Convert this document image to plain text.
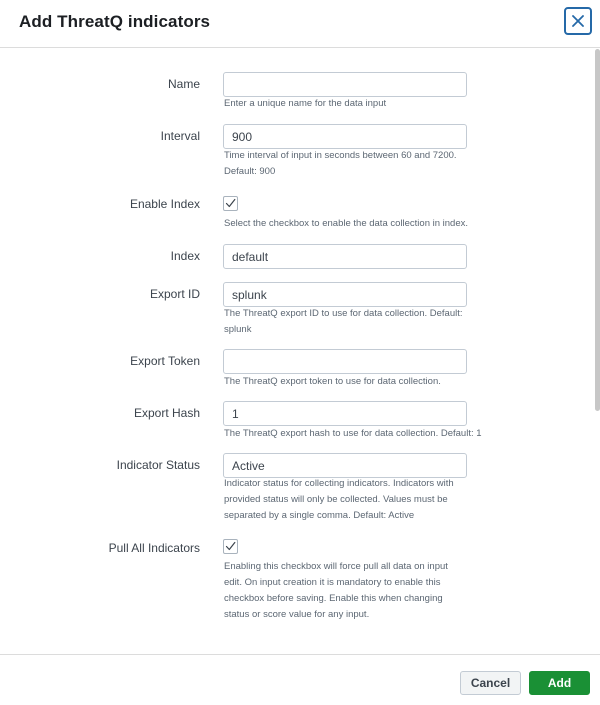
Add ThreatQ indicators
Name
Enter a unique name for the data input
Interval
900
Time interval of input in seconds between 60 and 7200. Default: 900
Enable Index
Select the checkbox to enable the data collection in index.
Index
default
Export ID
splunk
The ThreatQ export ID to use for data collection. Default: splunk
Export Token
The ThreatQ export token to use for data collection.
Export Hash
1
The ThreatQ export hash to use for data collection. Default: 1
Indicator Status
Active
Indicator status for collecting indicators. Indicators with provided status will only be collected. Values must be separated by a single comma. Default: Active
Pull All Indicators
Enabling this checkbox will force pull all data on input edit. On input creation it is mandatory to enable this checkbox before saving. Enable this when changing status or score value for any input.
Cancel	Add
